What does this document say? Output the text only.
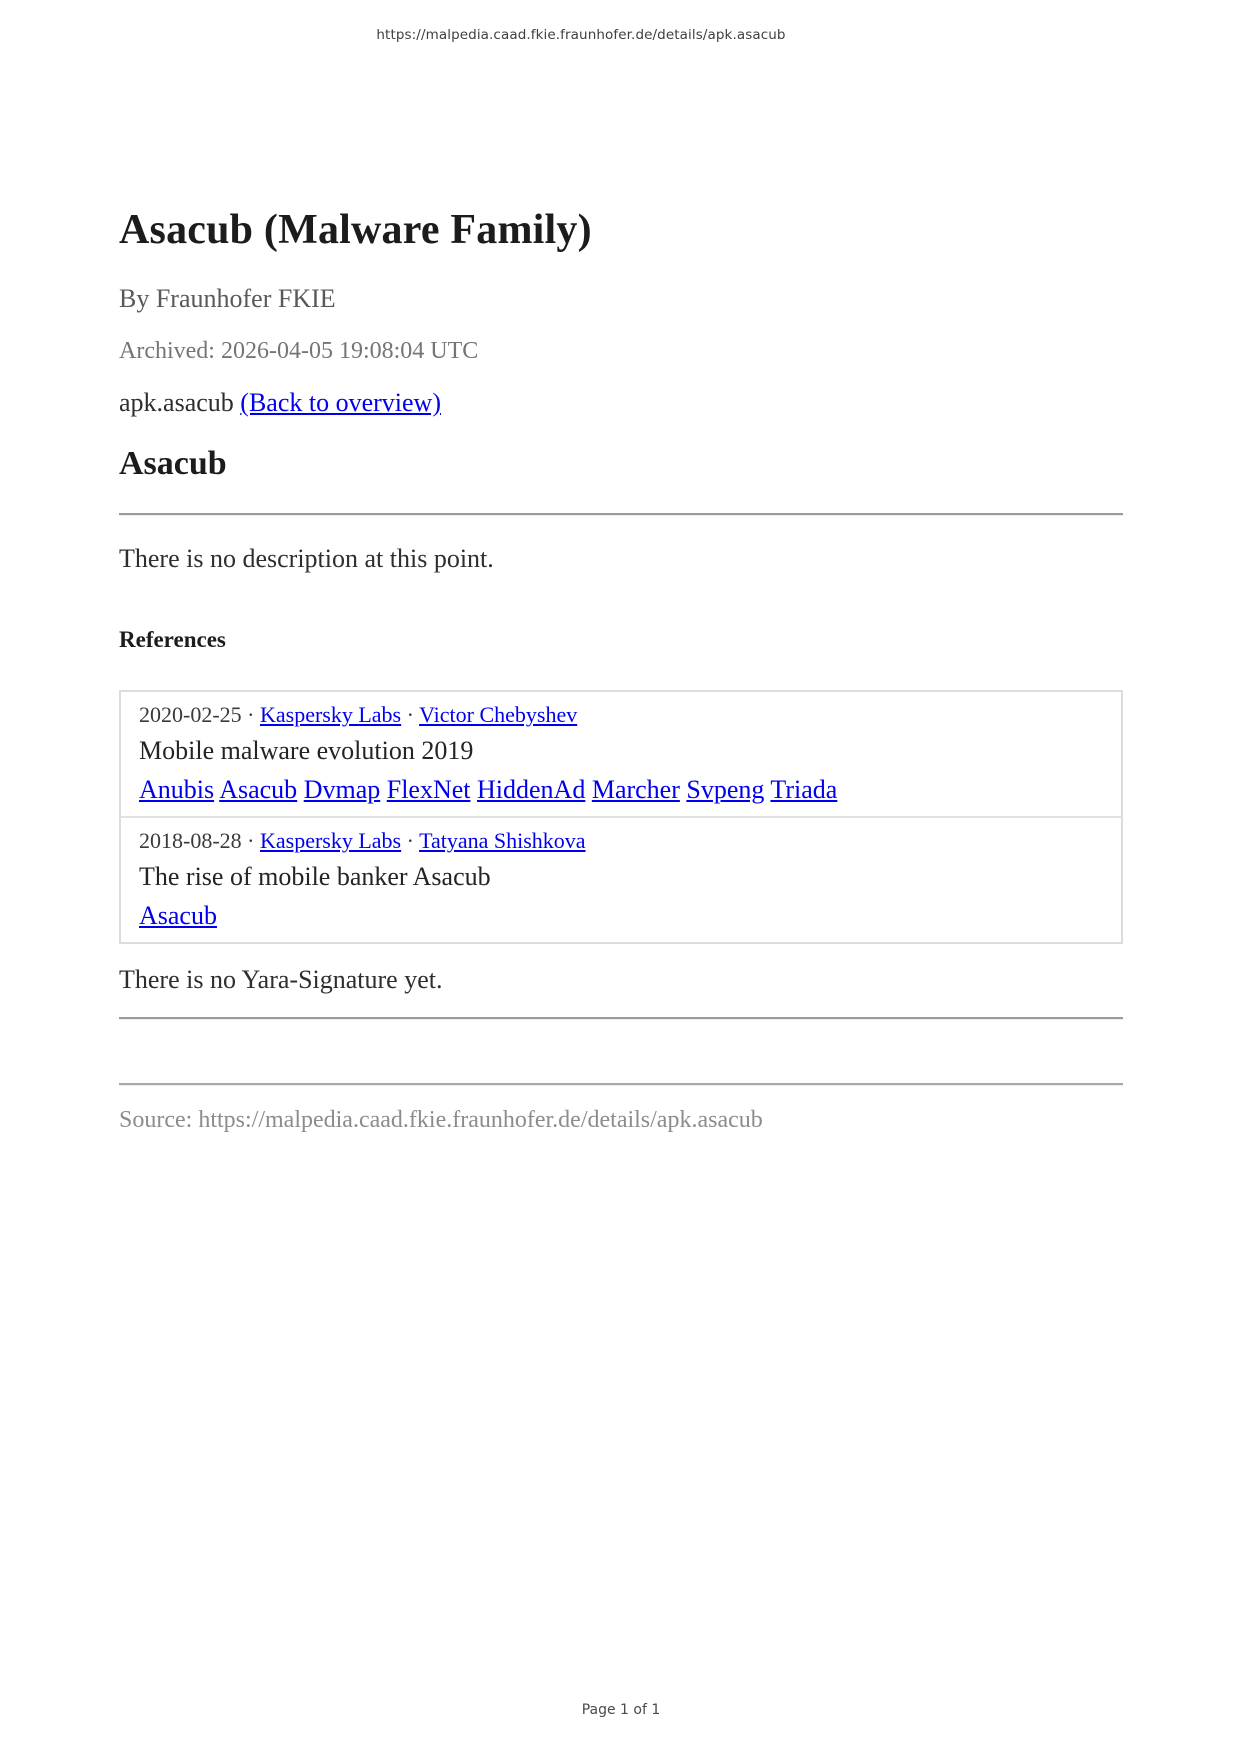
https://malpedia.caad.fkie.fraunhofer.de/details/apk.asacub
Asacub (Malware Family)

By Fraunhofer FKIE

Archived: 2026-04-05 19:08:04 UTC

apk.asacub (Back to overview)

Asacub

There is no description at this point.

References

2020-02-25 · Kaspersky Labs · Victor Chebyshev

Mobile malware evolution 2019

Anubis Asacub Dvmap FlexNet HiddenAd Marcher Svpeng Triada

2018-08-28 · Kaspersky Labs · Tatyana Shishkova

The rise of mobile banker Asacub

Asacub

There is no Yara-Signature yet.

Source: https://malpedia.caad.fkie.fraunhofer.de/details/apk.asacub

Page 1 of 1
